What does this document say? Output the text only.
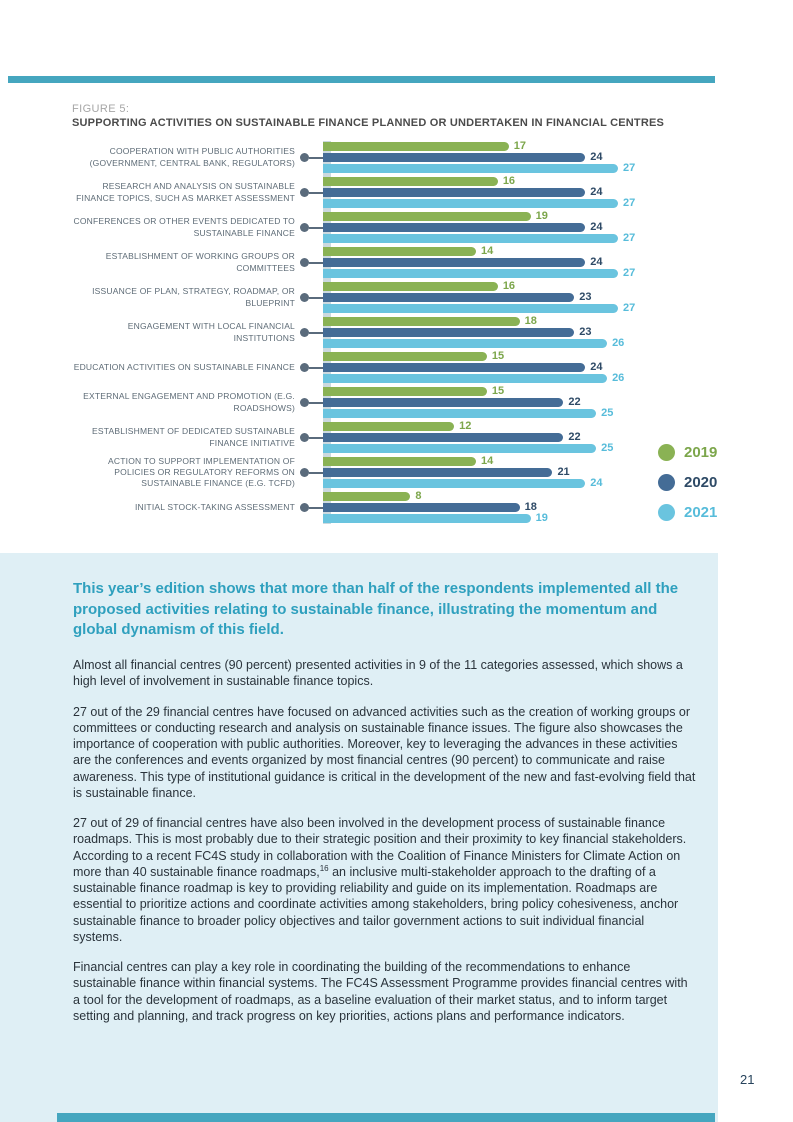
FIGURE 5:
SUPPORTING ACTIVITIES ON SUSTAINABLE FINANCE PLANNED OR UNDERTAKEN IN FINANCIAL CENTRES
COOPERATION WITH PUBLIC AUTHORITIES (GOVERNMENT, CENTRAL BANK, REGULATORS)
17
24
27
RESEARCH AND ANALYSIS ON SUSTAINABLE FINANCE TOPICS, SUCH AS MARKET ASSESSMENT
16
24
27
CONFERENCES OR OTHER EVENTS DEDICATED TO SUSTAINABLE FINANCE
19
24
27
ESTABLISHMENT OF WORKING GROUPS OR COMMITTEES
14
24
27
ISSUANCE OF PLAN, STRATEGY, ROADMAP, OR BLUEPRINT
16
23
27
ENGAGEMENT WITH LOCAL FINANCIAL INSTITUTIONS
18
23
26
EDUCATION ACTIVITIES ON SUSTAINABLE FINANCE
15
24
26
EXTERNAL ENGAGEMENT AND PROMOTION (E.G. ROADSHOWS)
15
22
25
ESTABLISHMENT OF DEDICATED SUSTAINABLE FINANCE INITIATIVE
12
22
25
ACTION TO SUPPORT IMPLEMENTATION OF POLICIES OR REGULATORY REFORMS ON SUSTAINABLE FINANCE (E.G. TCFD)
14
21
24
INITIAL STOCK-TAKING ASSESSMENT
8
18
19
2019
2020
2021

This year’s edition shows that more than half of the respondents implemented all the proposed activities relating to sustainable finance, illustrating the momentum and global dynamism of this field.

Almost all financial centres (90 percent) presented activities in 9 of the 11 categories assessed, which shows a high level of involvement in sustainable finance topics.

27 out of the 29 financial centres have focused on advanced activities such as the creation of working groups or committees or conducting research and analysis on sustainable finance issues. The figure also showcases the importance of cooperation with public authorities. Moreover, key to leveraging the advances in these activities are the conferences and events organized by most financial centres (90 percent) to communicate and raise awareness. This type of institutional guidance is critical in the development of the new and fast-evolving field that is sustainable finance.

27 out of 29 of financial centres have also been involved in the development process of sustainable finance roadmaps. This is most probably due to their strategic position and their proximity to key financial stakeholders. According to a recent FC4S study in collaboration with the Coalition of Finance Ministers for Climate Action on more than 40 sustainable finance roadmaps,$^{16}$ an inclusive multi-stakeholder approach to the drafting of a sustainable finance roadmap is key to providing reliability and guide on its implementation. Roadmaps are essential to prioritize actions and coordinate activities among stakeholders, bring policy cohesiveness, anchor sustainable finance to broader policy objectives and tailor government actions to suit individual financial systems.

Financial centres can play a key role in coordinating the building of the recommendations to enhance sustainable finance within financial systems. The FC4S Assessment Programme provides financial centres with a tool for the development of roadmaps, as a baseline evaluation of their market status, and to inform target setting and planning, and track progress on key priorities, actions plans and performance indicators.

21
